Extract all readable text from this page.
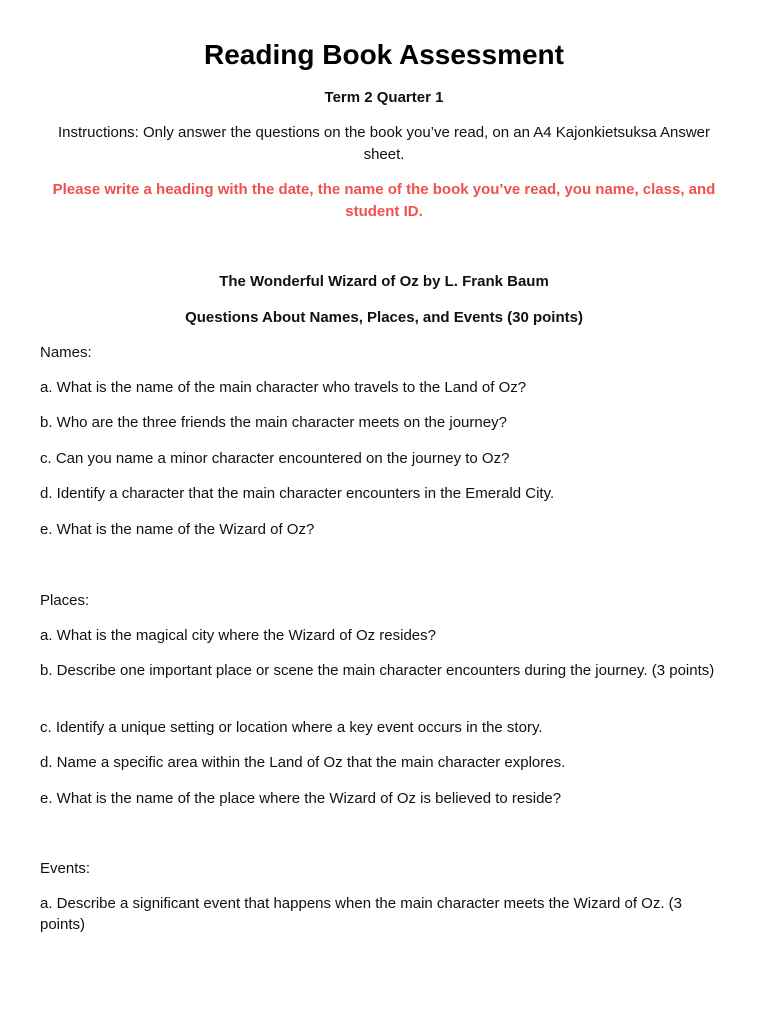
Reading Book Assessment
Term 2 Quarter 1
Instructions: Only answer the questions on the book you’ve read, on an A4 Kajonkietsuksa Answer sheet.
Please write a heading with the date, the name of the book you’ve read, you name, class, and student ID.
The Wonderful Wizard of Oz by L. Frank Baum
Questions About Names, Places, and Events (30 points)
Names:
a. What is the name of the main character who travels to the Land of Oz?
b. Who are the three friends the main character meets on the journey?
c. Can you name a minor character encountered on the journey to Oz?
d. Identify a character that the main character encounters in the Emerald City.
e. What is the name of the Wizard of Oz?
Places:
a. What is the magical city where the Wizard of Oz resides?
b. Describe one important place or scene the main character encounters during the journey. (3 points)
c. Identify a unique setting or location where a key event occurs in the story.
d. Name a specific area within the Land of Oz that the main character explores.
e. What is the name of the place where the Wizard of Oz is believed to reside?
Events:
a. Describe a significant event that happens when the main character meets the Wizard of Oz. (3 points)
